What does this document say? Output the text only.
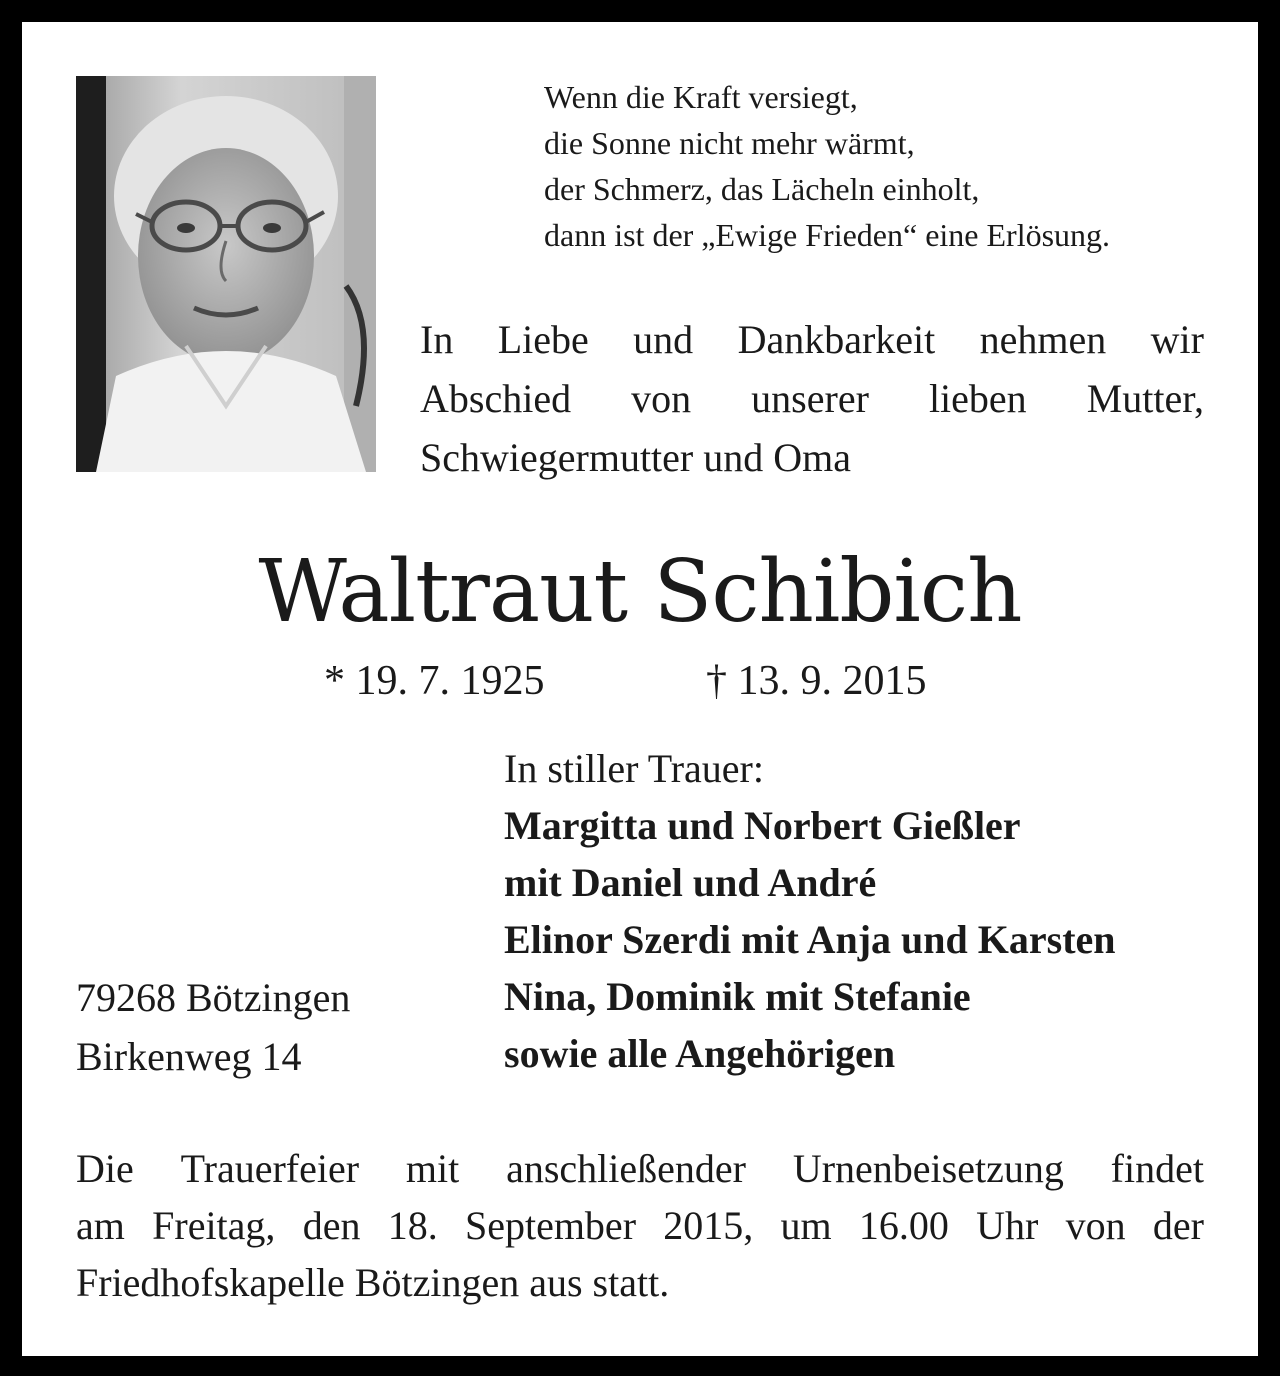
Wenn die Kraft versiegt,
die Sonne nicht mehr wärmt,
der Schmerz, das Lächeln einholt,
dann ist der „Ewige Frieden“ eine Erlösung.
In Liebe und Dankbarkeit nehmen wir
Abschied von unserer lieben Mutter,
Schwiegermutter und Oma
Waltraut Schibich
* 19. 7. 1925	† 13. 9. 2015
In stiller Trauer:
Margitta und Norbert Gießler
mit Daniel und André
Elinor Szerdi mit Anja und Karsten
Nina, Dominik mit Stefanie
sowie alle Angehörigen
79268 Bötzingen
Birkenweg 14
Die Trauerfeier mit anschließender Urnenbeisetzung findet
am Freitag, den 18. September 2015, um 16.00 Uhr von der
Friedhofskapelle Bötzingen aus statt.
